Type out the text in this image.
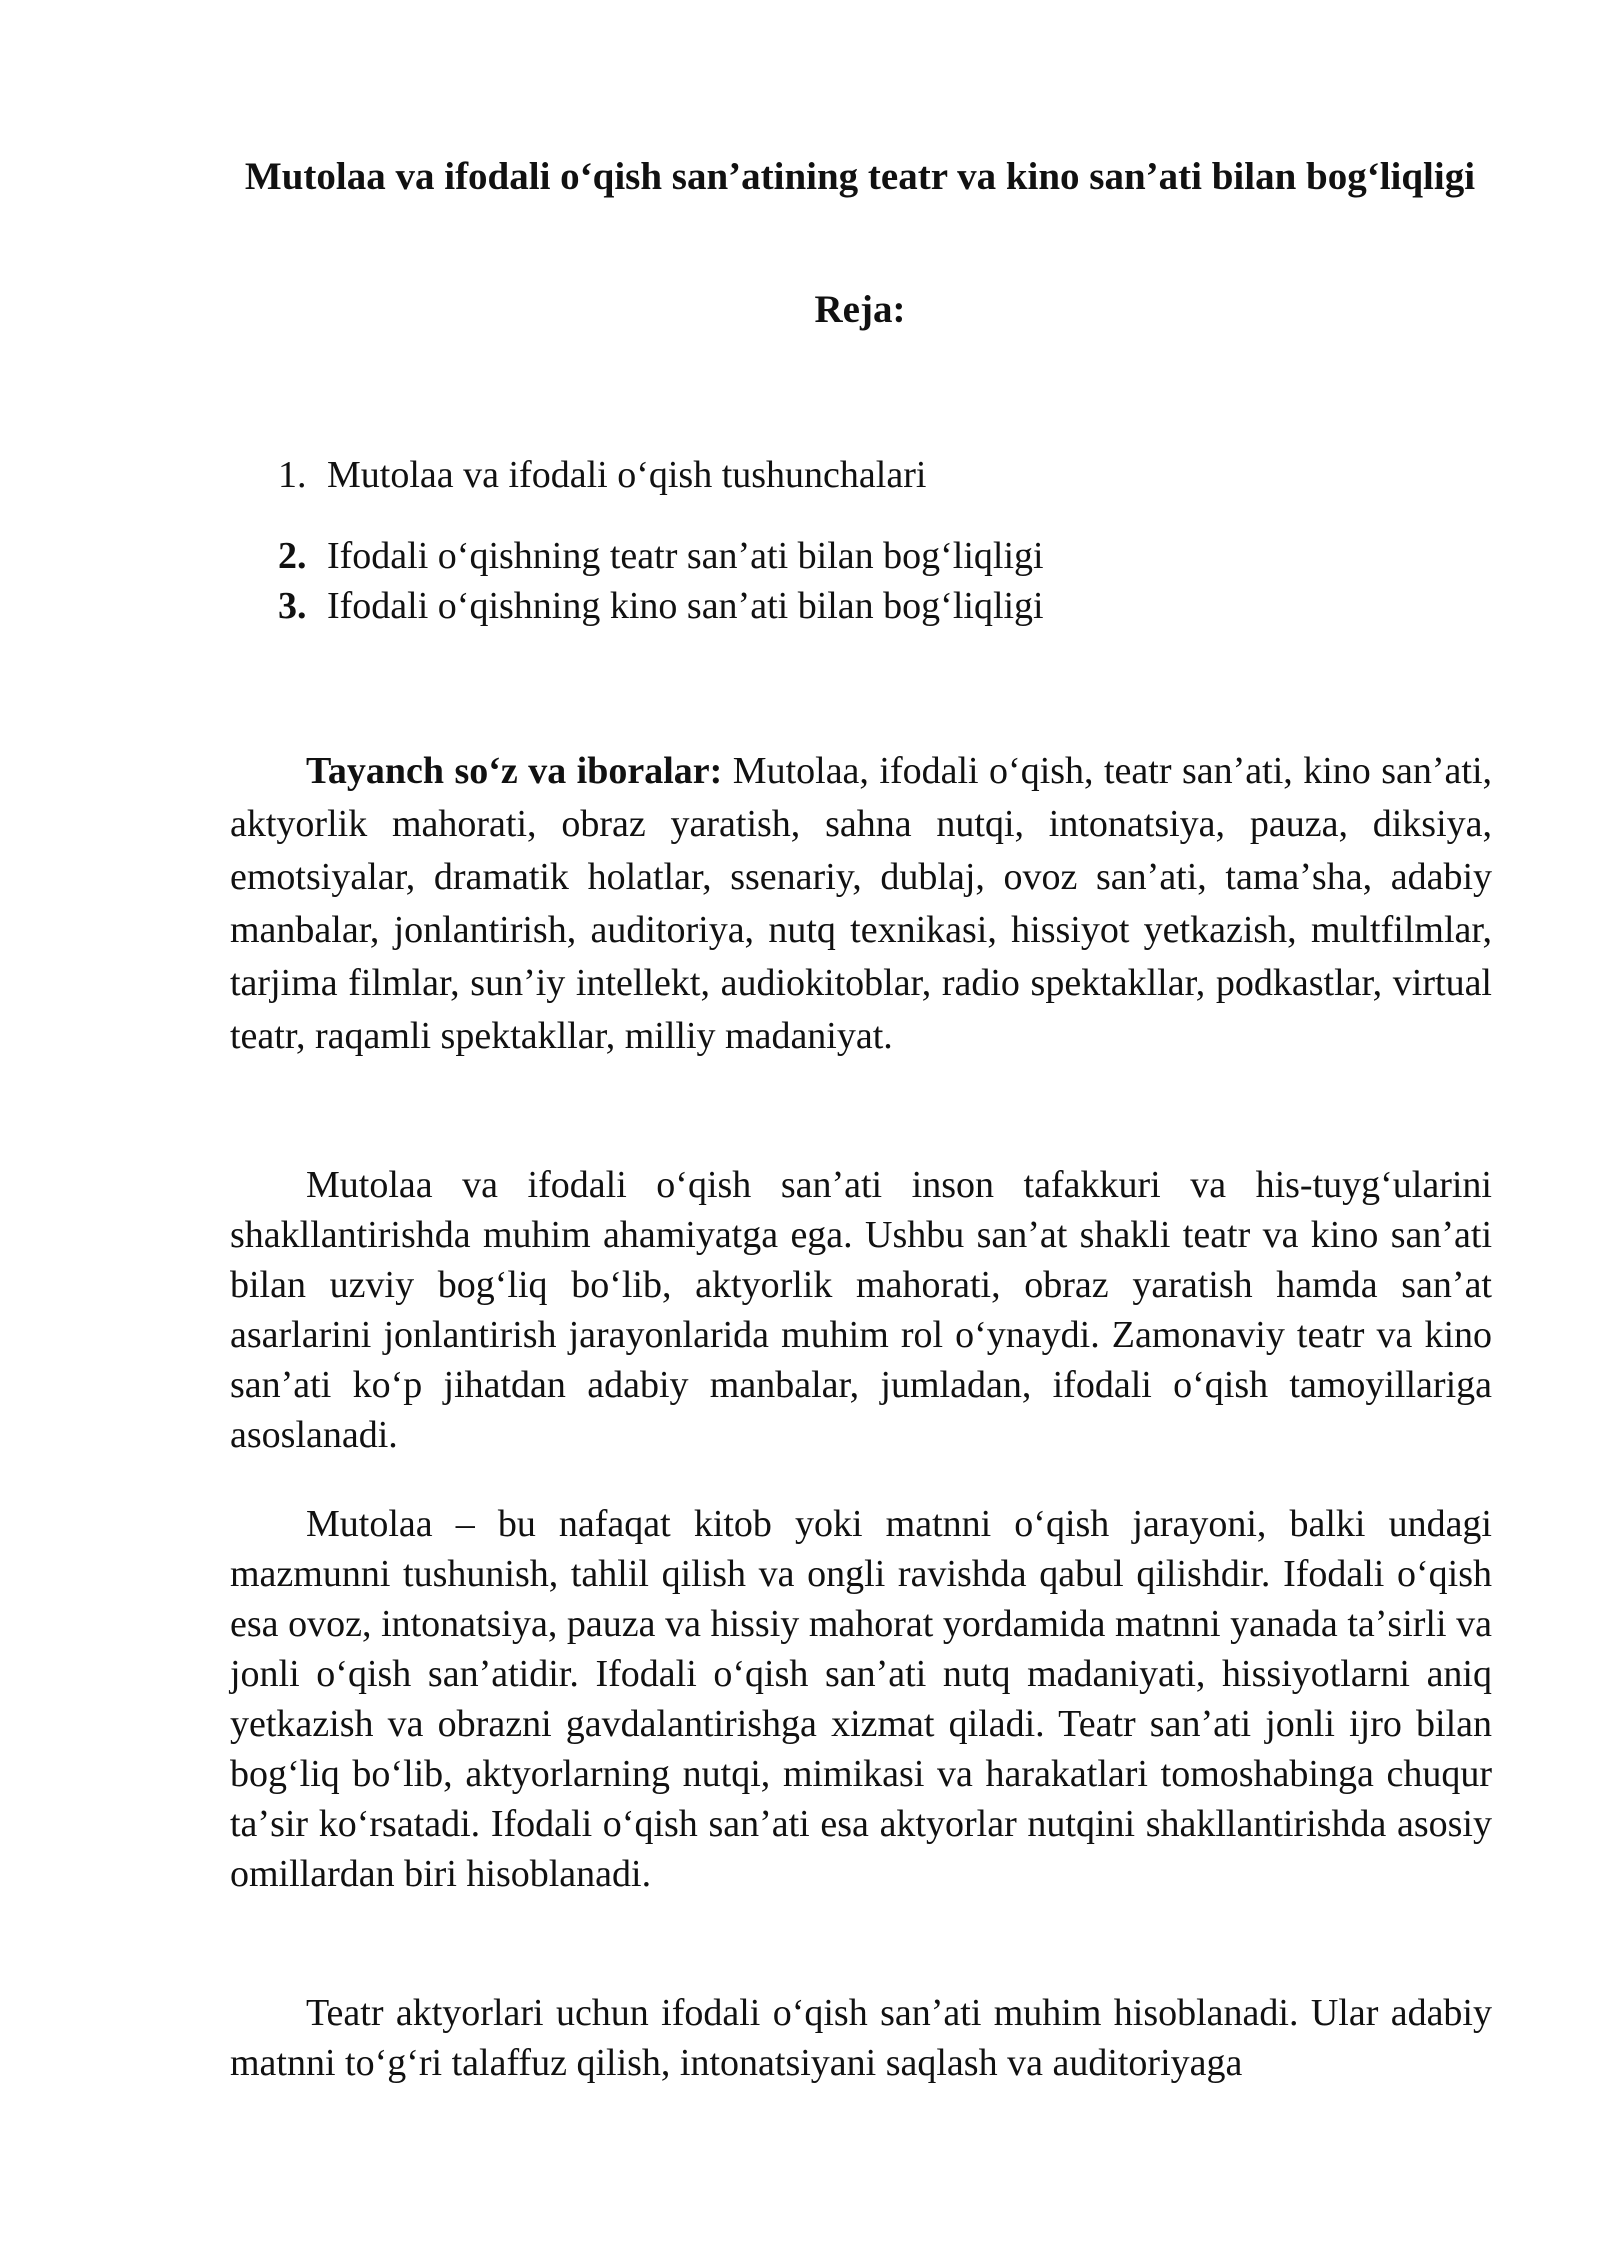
Mutolaa va ifodali oʻqish sanʼatining teatr va kino sanʼati bilan bogʻliqligi
Reja:
1. Mutolaa va ifodali oʻqish tushunchalari
2. Ifodali oʻqishning teatr sanʼati bilan bogʻliqligi
3. Ifodali oʻqishning kino sanʼati bilan bogʻliqligi

Tayanch soʻz va iboralar: Mutolaa, ifodali oʻqish, teatr sanʼati, kino sanʼati, aktyorlik mahorati, obraz yaratish, sahna nutqi, intonatsiya, pauza, diksiya, emotsiyalar, dramatik holatlar, ssenariy, dublaj, ovoz sanʼati, tamaʼsha, adabiy manbalar, jonlantirish, auditoriya, nutq texnikasi, hissiyot yetkazish, multfilmlar, tarjima filmlar, sunʼiy intellekt, audiokitoblar, radio spektakllar, podkastlar, virtual teatr, raqamli spektakllar, milliy madaniyat.

Mutolaa va ifodali oʻqish sanʼati inson tafakkuri va his-tuygʻularini shakllantirishda muhim ahamiyatga ega. Ushbu sanʼat shakli teatr va kino sanʼati bilan uzviy bogʻliq boʻlib, aktyorlik mahorati, obraz yaratish hamda sanʼat asarlarini jonlantirish jarayonlarida muhim rol oʻynaydi. Zamonaviy teatr va kino sanʼati koʻp jihatdan adabiy manbalar, jumladan, ifodali oʻqish tamoyillariga asoslanadi.

Mutolaa – bu nafaqat kitob yoki matnni oʻqish jarayoni, balki undagi mazmunni tushunish, tahlil qilish va ongli ravishda qabul qilishdir. Ifodali oʻqish esa ovoz, intonatsiya, pauza va hissiy mahorat yordamida matnni yanada taʼsirli va jonli oʻqish sanʼatidir. Ifodali oʻqish sanʼati nutq madaniyati, hissiyotlarni aniq yetkazish va obrazni gavdalantirishga xizmat qiladi. Teatr sanʼati jonli ijro bilan bogʻliq boʻlib, aktyorlarning nutqi, mimikasi va harakatlari tomoshabinga chuqur taʼsir koʻrsatadi. Ifodali oʻqish sanʼati esa aktyorlar nutqini shakllantirishda asosiy omillardan biri hisoblanadi.

Teatr aktyorlari uchun ifodali oʻqish sanʼati muhim hisoblanadi. Ular adabiy matnni toʻgʻri talaffuz qilish, intonatsiyani saqlash va auditoriyaga
